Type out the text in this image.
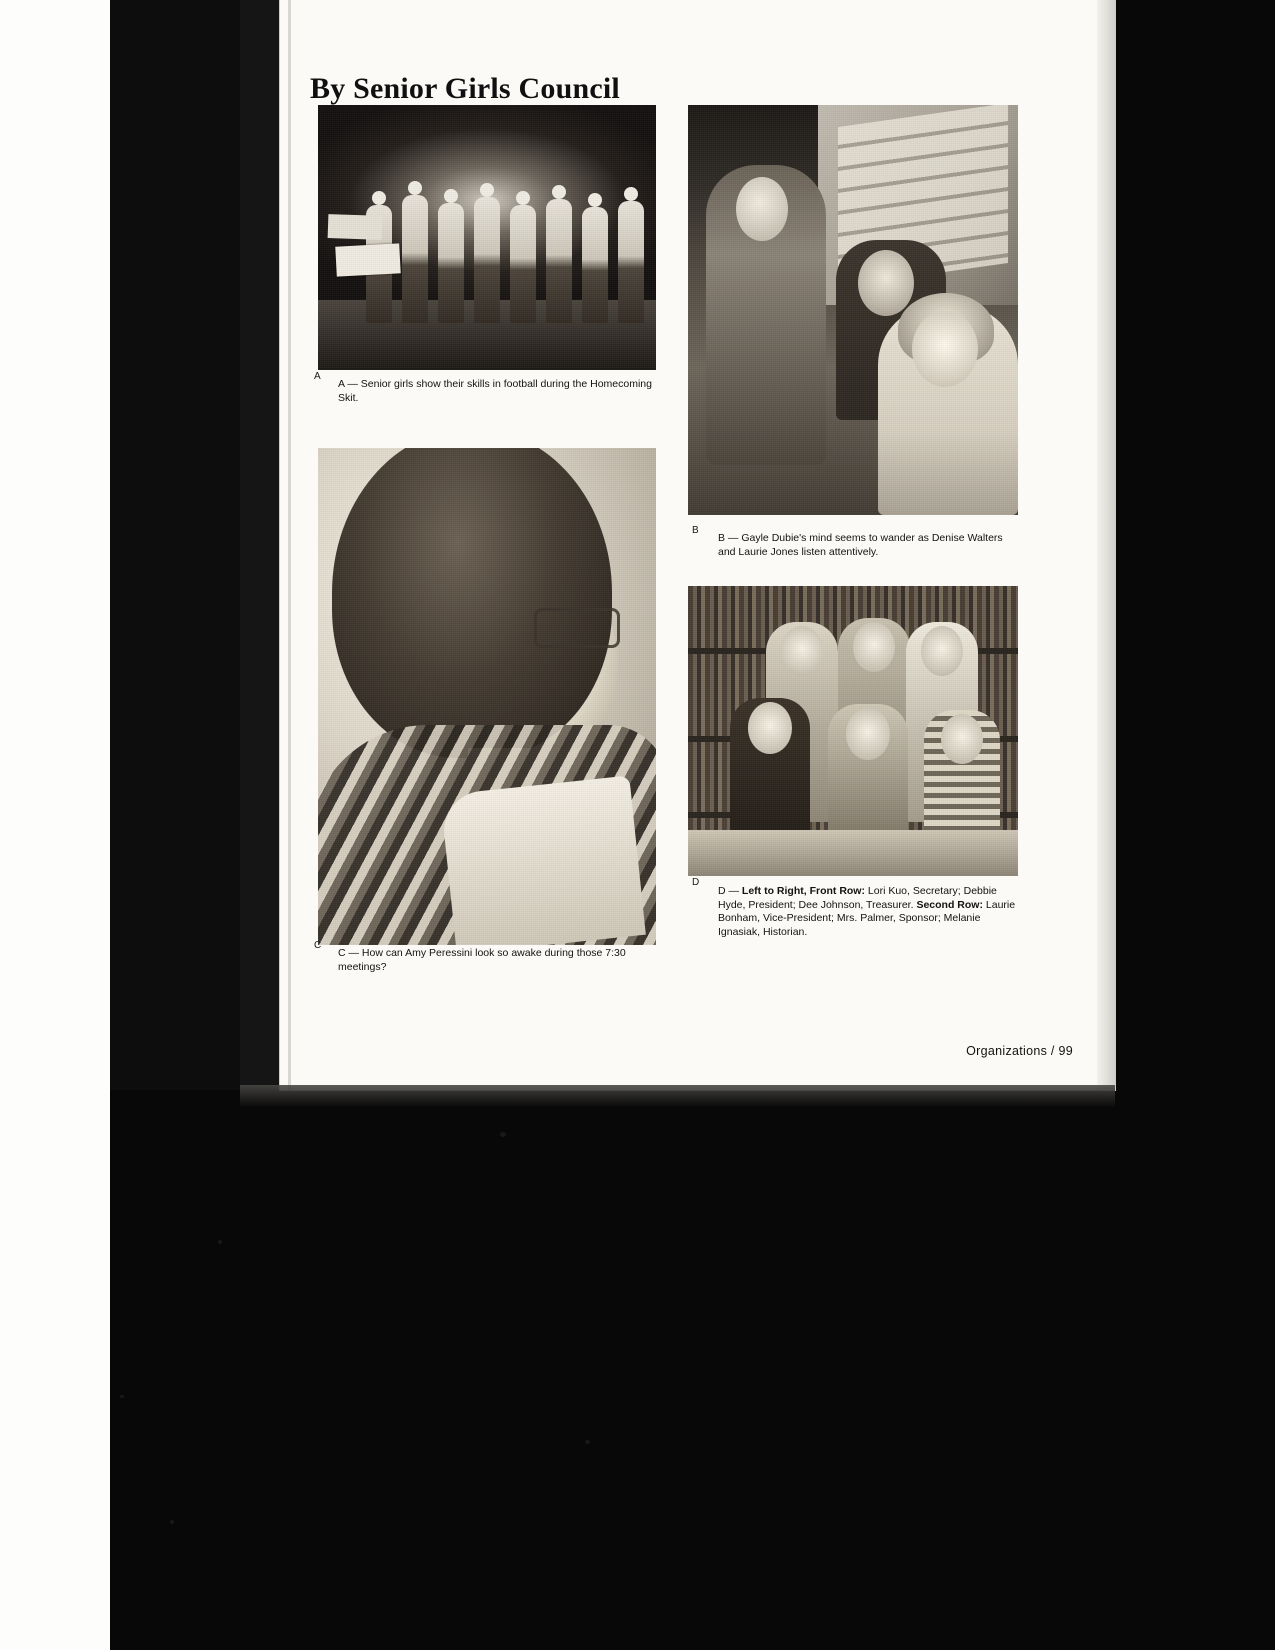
By Senior Girls Council
A
A — Senior girls show their skills in football during the Homecoming Skit.
B
B — Gayle Dubie's mind seems to wander as Denise Walters and Laurie Jones listen attentively.
C
C — How can Amy Peressini look so awake during those 7:30 meetings?
D
D — Left to Right, Front Row: Lori Kuo, Secretary; Debbie Hyde, President; Dee Johnson, Treasurer. Second Row: Laurie Bonham, Vice-President; Mrs. Palmer, Sponsor; Melanie Ignasiak, Historian.
Organizations / 99
